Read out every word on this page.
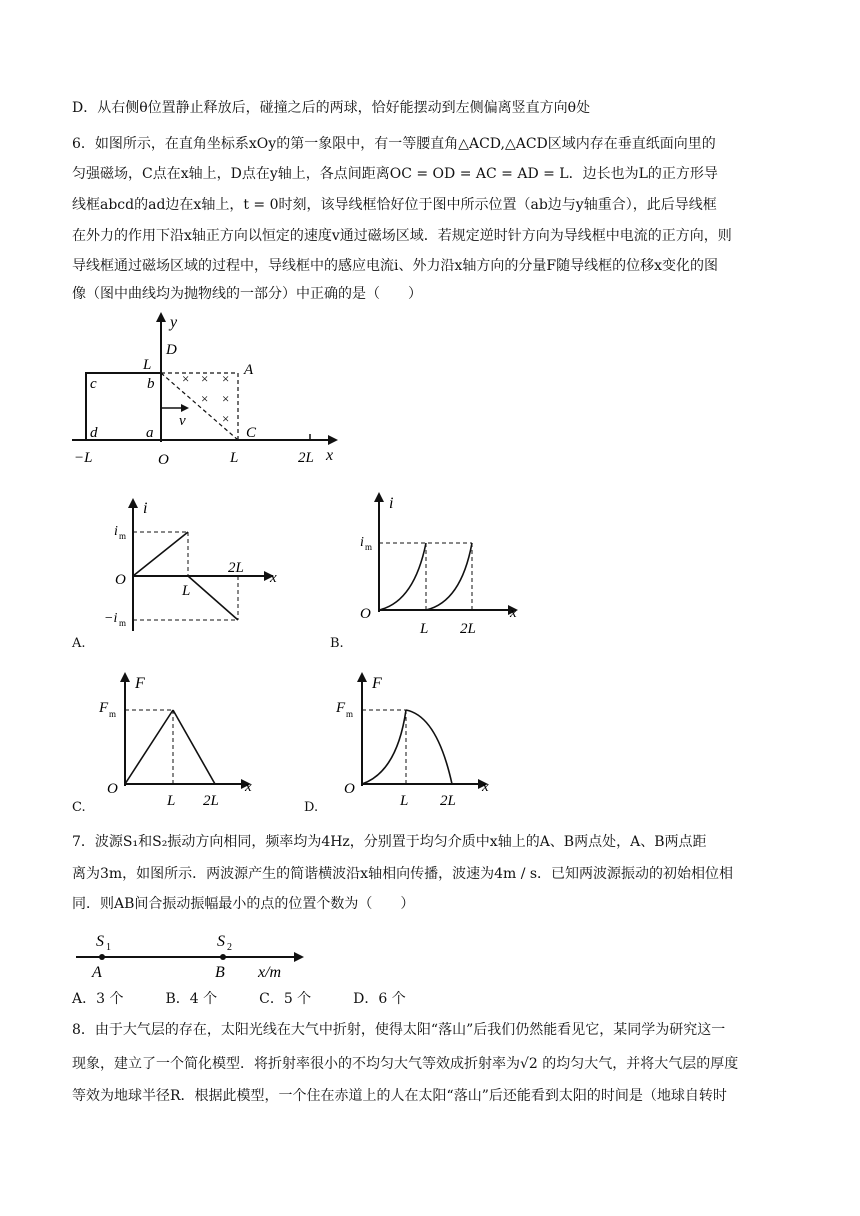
D．从右侧θ位置静止释放后，碰撞之后的两球，恰好能摆动到左侧偏离竖直方向θ处
6．如图所示，在直角坐标系xOy的第一象限中，有一等腰直角△ACD,△ACD区域内存在垂直纸面向里的
匀强磁场，C点在x轴上，D点在y轴上，各点间距离OC = OD = AC = AD = L．边长也为L的正方形导
线框abcd的ad边在x轴上，t = 0时刻，该导线框恰好位于图中所示位置（ab边与y轴重合），此后导线框
在外力的作用下沿x轴正方向以恒定的速度v通过磁场区域．若规定逆时针方向为导线框中电流的正方向，则
导线框通过磁场区域的过程中，导线框中的感应电流i、外力沿x轴方向的分量F随导线框的位移x变化的图
像（图中曲线均为抛物线的一部分）中正确的是（　　）
× × ×
× ×
×
y
x
D
L	A
c	b
v
d	a	C
−L	O	L	2L
i
x
i m
−i m
O
L
2L
A.
i
x
i m
O
L 2L
B.
F
x
F m
O
L 2L
C.
F
x
F m
O
L 2L
D.
7．波源S₁和S₂振动方向相同，频率均为4Hz，分别置于均匀介质中x轴上的A、B两点处，A、B两点距
离为3m，如图所示．两波源产生的简谐横波沿x轴相向传播，波速为4m / s．已知两波源振动的初始相位相
同．则AB间合振动振幅最小的点的位置个数为（　　）
S 1	S 2
A	B x/m
A．3 个　　　B．4 个　　　C．5 个　　　D．6 个
8．由于大气层的存在，太阳光线在大气中折射，使得太阳“落山”后我们仍然能看见它，某同学为研究这一
现象，建立了一个简化模型．将折射率很小的不均匀大气等效成折射率为√2 的均匀大气，并将大气层的厚度
等效为地球半径R．根据此模型，一个住在赤道上的人在太阳“落山”后还能看到太阳的时间是（地球自转时
